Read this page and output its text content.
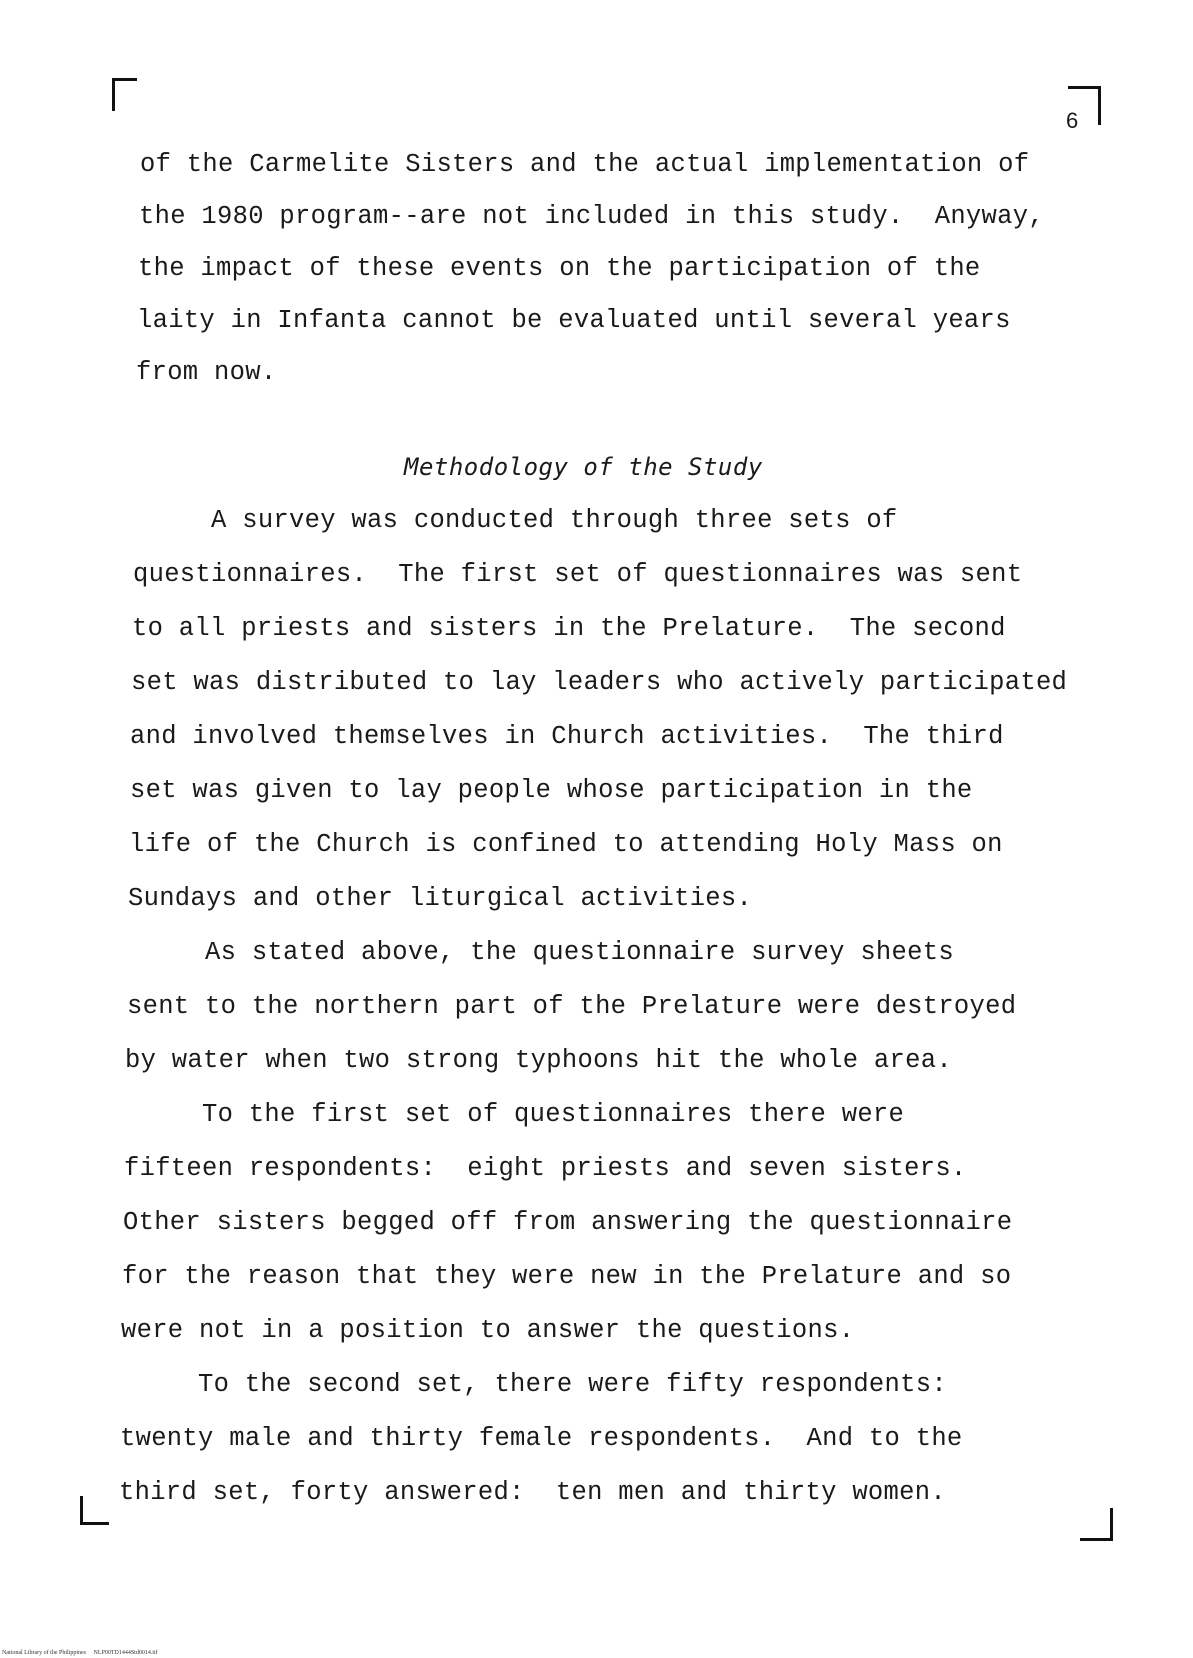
6
of the Carmelite Sisters and the actual implementation of
the 1980 program--are not included in this study.  Anyway,
the impact of these events on the participation of the
laity in Infanta cannot be evaluated until several years
from now.
Methodology of the Study
A survey was conducted through three sets of
questionnaires.  The first set of questionnaires was sent
to all priests and sisters in the Prelature.  The second
set was distributed to lay leaders who actively participated
and involved themselves in Church activities.  The third
set was given to lay people whose participation in the
life of the Church is confined to attending Holy Mass on
Sundays and other liturgical activities.
As stated above, the questionnaire survey sheets
sent to the northern part of the Prelature were destroyed
by water when two strong typhoons hit the whole area.
To the first set of questionnaires there were
fifteen respondents:  eight priests and seven sisters.
Other sisters begged off from answering the questionnaire
for the reason that they were new in the Prelature and so
were not in a position to answer the questions.
To the second set, there were fifty respondents:
twenty male and thirty female respondents.  And to the
third set, forty answered:  ten men and thirty women.
National Library of the Philippines     NLP00TD1444Std0014.tif
